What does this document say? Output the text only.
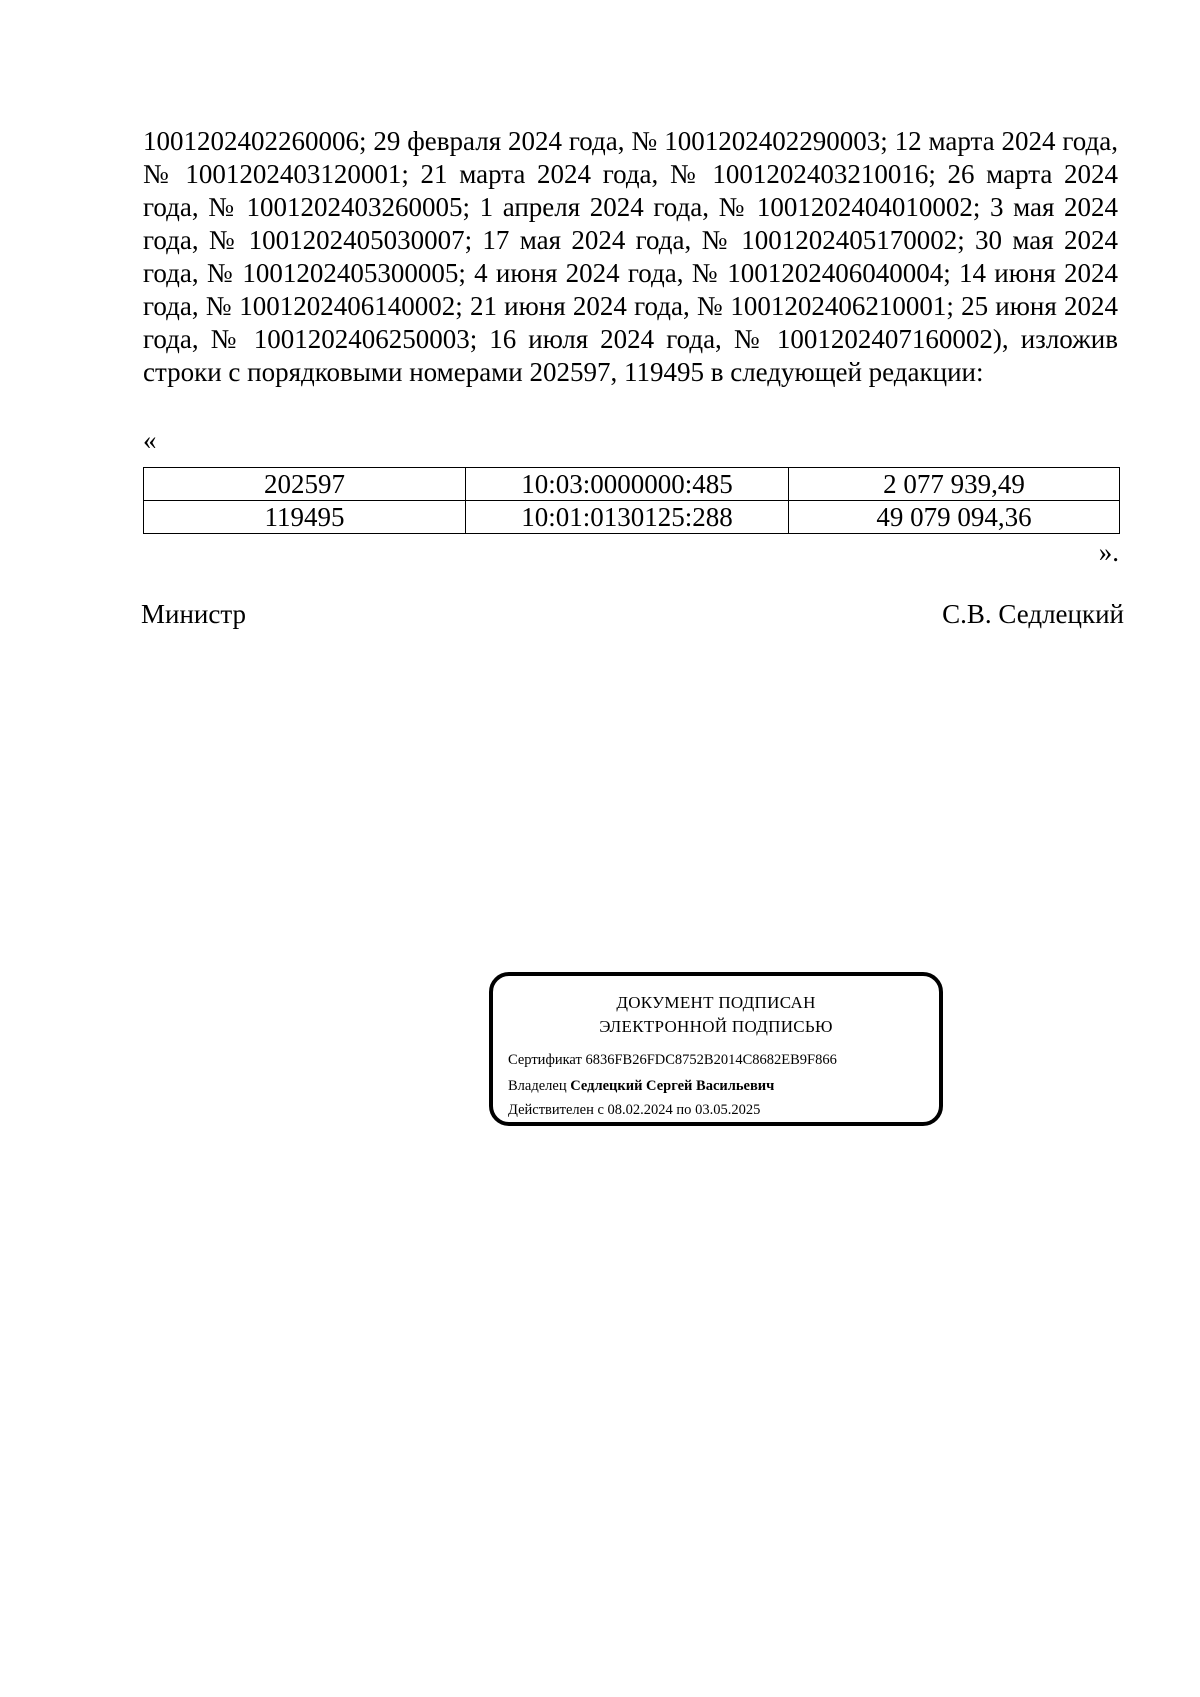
1001202402260006; 29 февраля 2024 года, № 1001202402290003; 12 марта 2024 года, № 1001202403120001; 21 марта 2024 года, № 1001202403210016; 26 марта 2024 года, № 1001202403260005; 1 апреля 2024 года, № 1001202404010002; 3 мая 2024 года, № 1001202405030007; 17 мая 2024 года, № 1001202405170002; 30 мая 2024 года, № 1001202405300005; 4 июня 2024 года, № 1001202406040004; 14 июня 2024 года, № 1001202406140002; 21 июня 2024 года, № 1001202406210001; 25 июня 2024 года, № 1001202406250003; 16 июля 2024 года, № 1001202407160002), изложив строки с порядковыми номерами 202597, 119495 в следующей редакции:

«
202597	10:03:0000000:485	2 077 939,49
119495	10:01:0130125:288	49 079 094,36
».
Министр	С.В. Седлецкий
ДОКУМЕНТ ПОДПИСАН
ЭЛЕКТРОННОЙ ПОДПИСЬЮ
Сертификат 6836FB26FDC8752B2014C8682EB9F866
Владелец Седлецкий Сергей Васильевич
Действителен с 08.02.2024 по 03.05.2025
